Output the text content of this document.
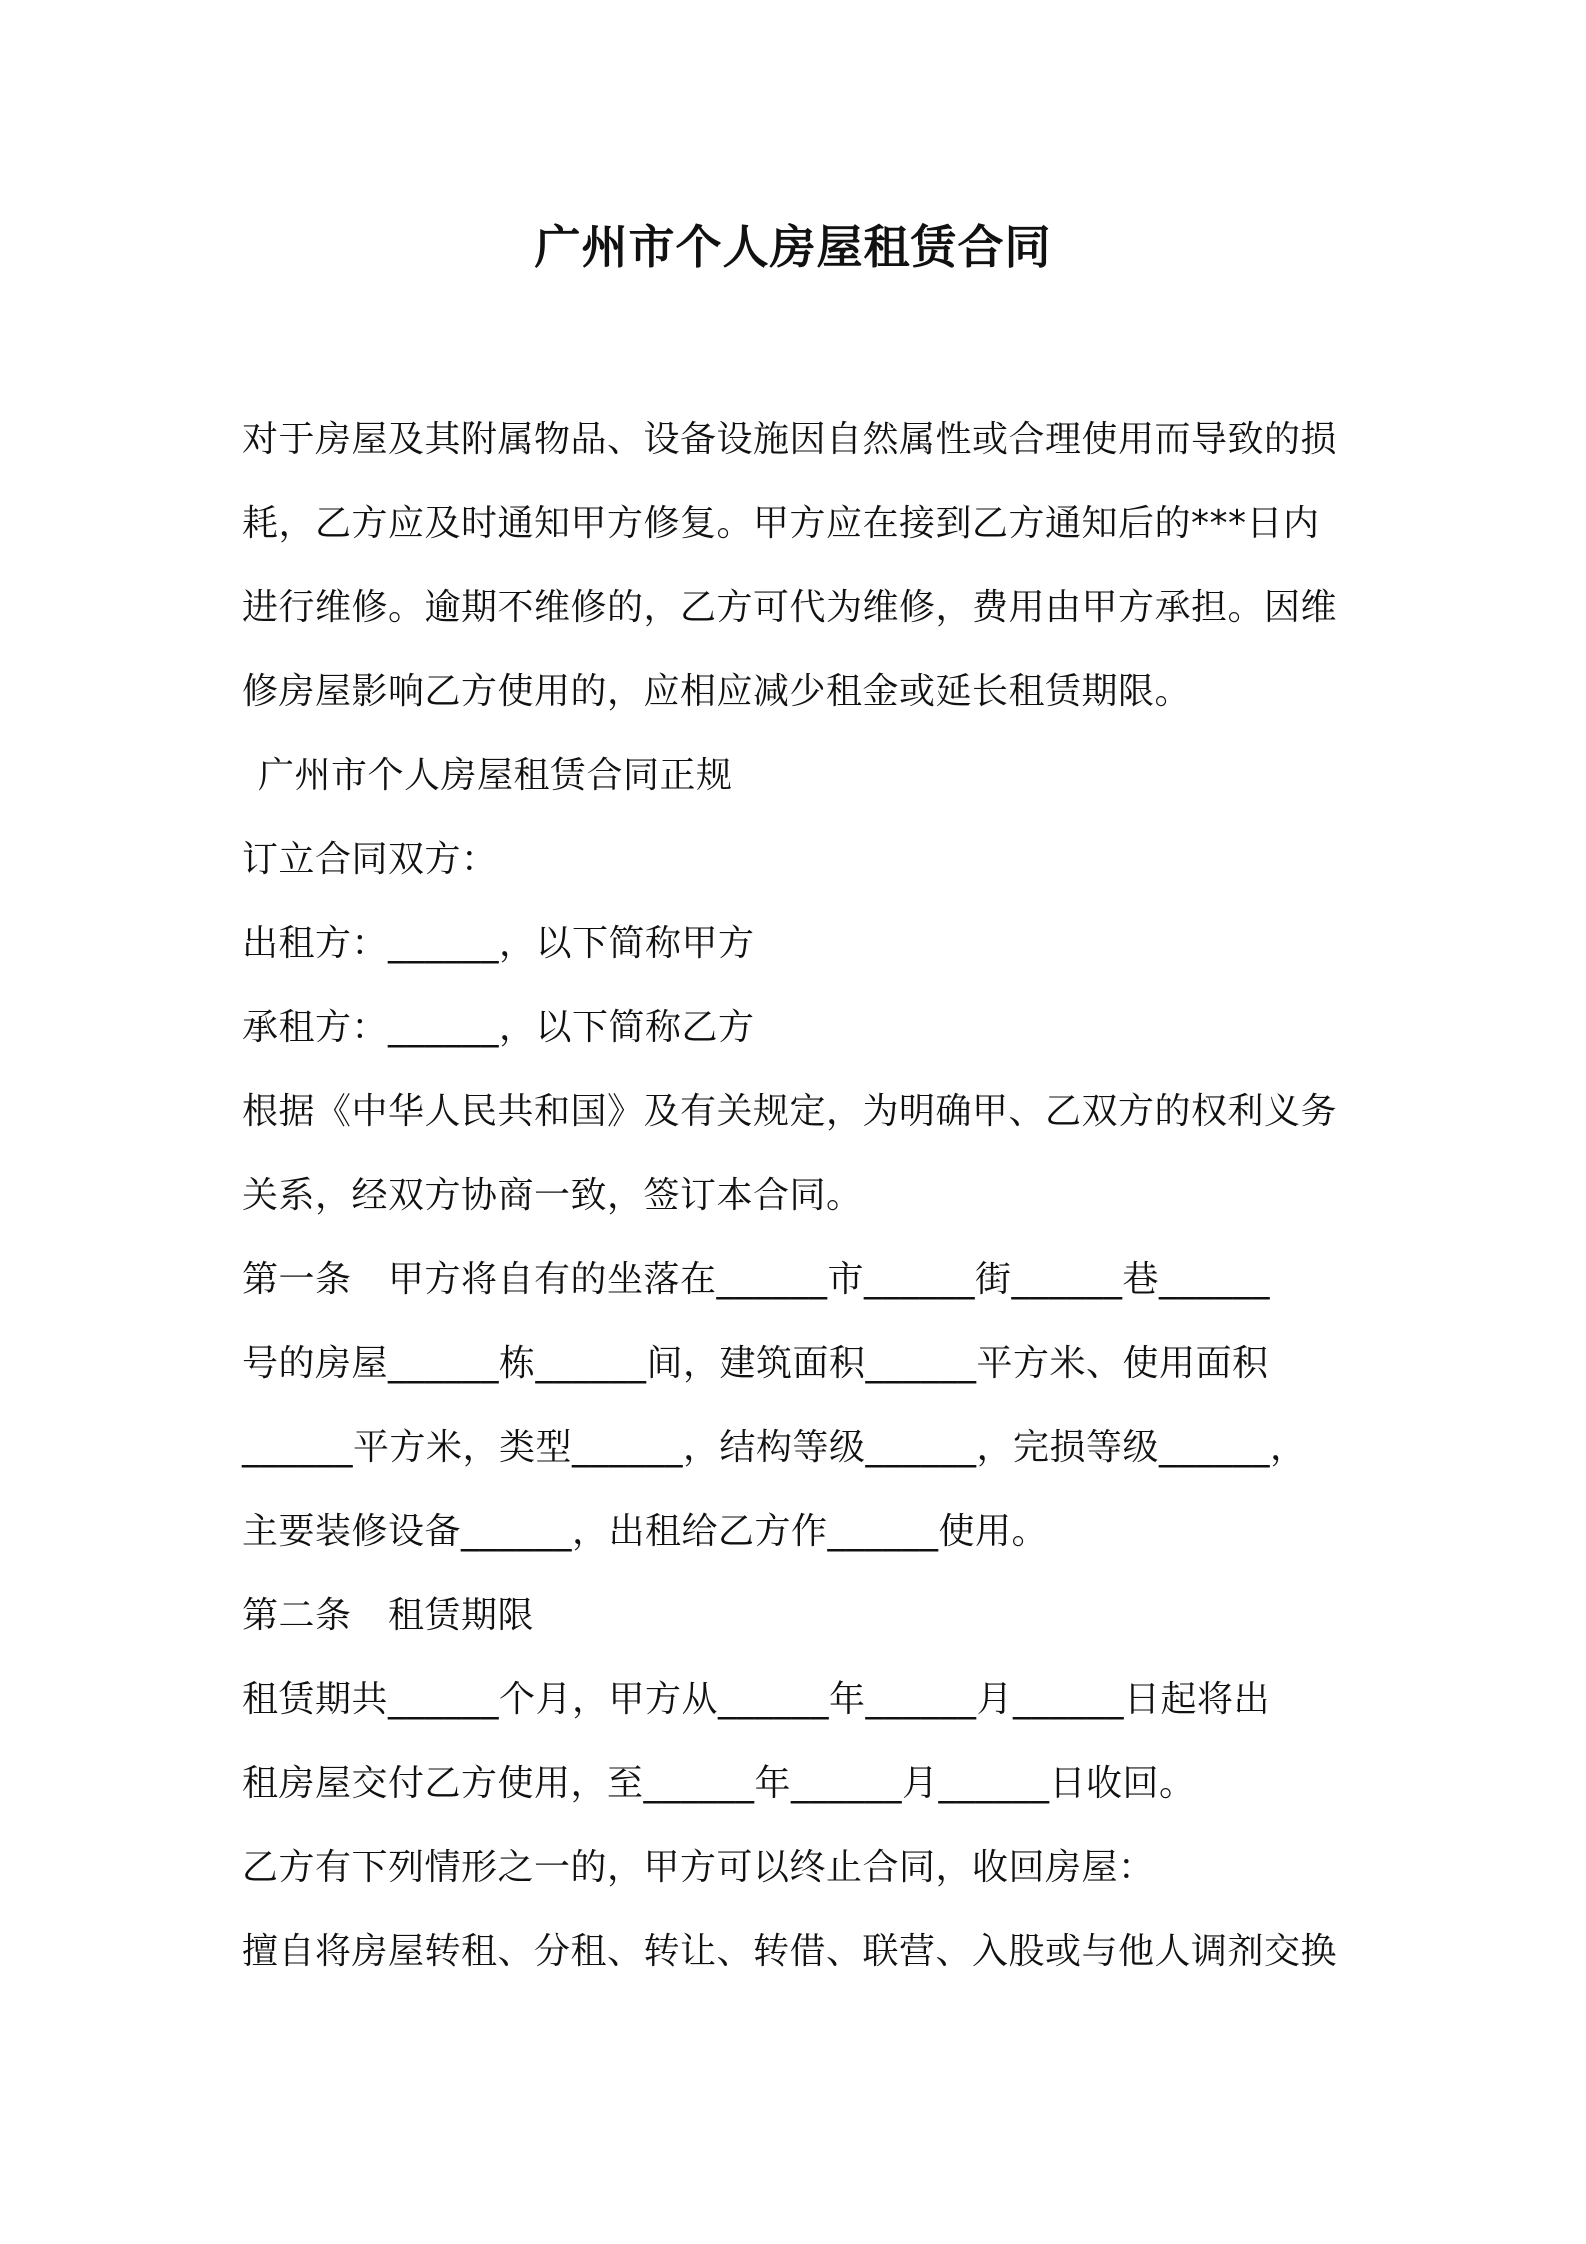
广州市个人房屋租赁合同
对于房屋及其附属物品、设备设施因自然属性或合理使用而导致的损
耗，乙方应及时通知甲方修复。甲方应在接到乙方通知后的***日内
进行维修。逾期不维修的，乙方可代为维修，费用由甲方承担。因维
修房屋影响乙方使用的，应相应减少租金或延长租赁期限。
广州市个人房屋租赁合同正规
订立合同双方：
出租方：______，以下简称甲方
承租方：______，以下简称乙方
根据《中华人民共和国》及有关规定，为明确甲、乙双方的权利义务
关系，经双方协商一致，签订本合同。
第一条　甲方将自有的坐落在______市______街______巷______
号的房屋______栋______间，建筑面积______平方米、使用面积
______平方米，类型______，结构等级______，完损等级______，
主要装修设备______，出租给乙方作______使用。
第二条　租赁期限
租赁期共______个月，甲方从______年______月______日起将出
租房屋交付乙方使用，至______年______月______日收回。
乙方有下列情形之一的，甲方可以终止合同，收回房屋：
擅自将房屋转租、分租、转让、转借、联营、入股或与他人调剂交换
